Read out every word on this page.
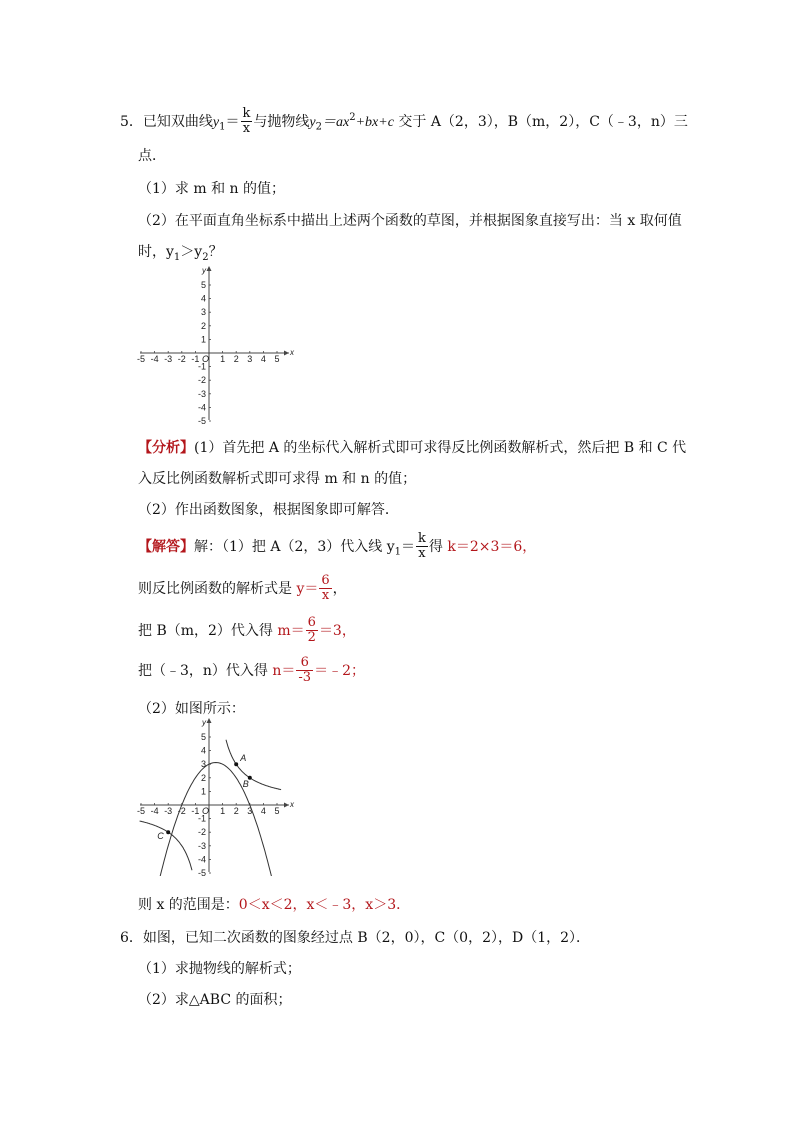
5．已知双曲线$y_1= \frac{k}{x}$ 与抛物线$y_2=ax^2+bx+c$ 交于 A（2，3），B（m，2），C（﹣3，n）三
点．
（1）求 m 和 n 的值；
（2）在平面直角坐标系中描出上述两个函数的草图，并根据图象直接写出：当 x 取何值
时，$y_1>y_2$？
x
y
O
-5 -4 -3 -2 -1 1 2 3 4 5
5
4
3
2
1
-1
-2
-3
-4
-5
【分析】(1）首先把 A 的坐标代入解析式即可求得反比例函数解析式，然后把 B 和 C 代
入反比例函数解析式即可求得 m 和 n 的值；
（2）作出函数图象，根据图象即可解答．
【解答】解：（1）把 A（2，3）代入线 $y_1= \frac{k}{x}$ 得 k＝2×3＝6，
则反比例函数的解析式是 $y= \frac{6}{x}$ ，
把 B（m，2）代入得 $m= \frac{6}{2} =3$，
把（﹣3，n）代入得 $n= \frac{6}{-3}$ ＝﹣2；
（2）如图所示：
x
y
O
-5 -4 -3 -2 -1 1 2 3 4 5
5
4
3
2
1
-1
-2
-3
-4
-5
A
B
C
则 x 的范围是：0＜x＜2，x＜﹣3，x＞3．
6．如图，已知二次函数的图象经过点 B（2，0），C（0，2），D（1，2）．
（1）求抛物线的解析式；
（2）求△ABC 的面积；
